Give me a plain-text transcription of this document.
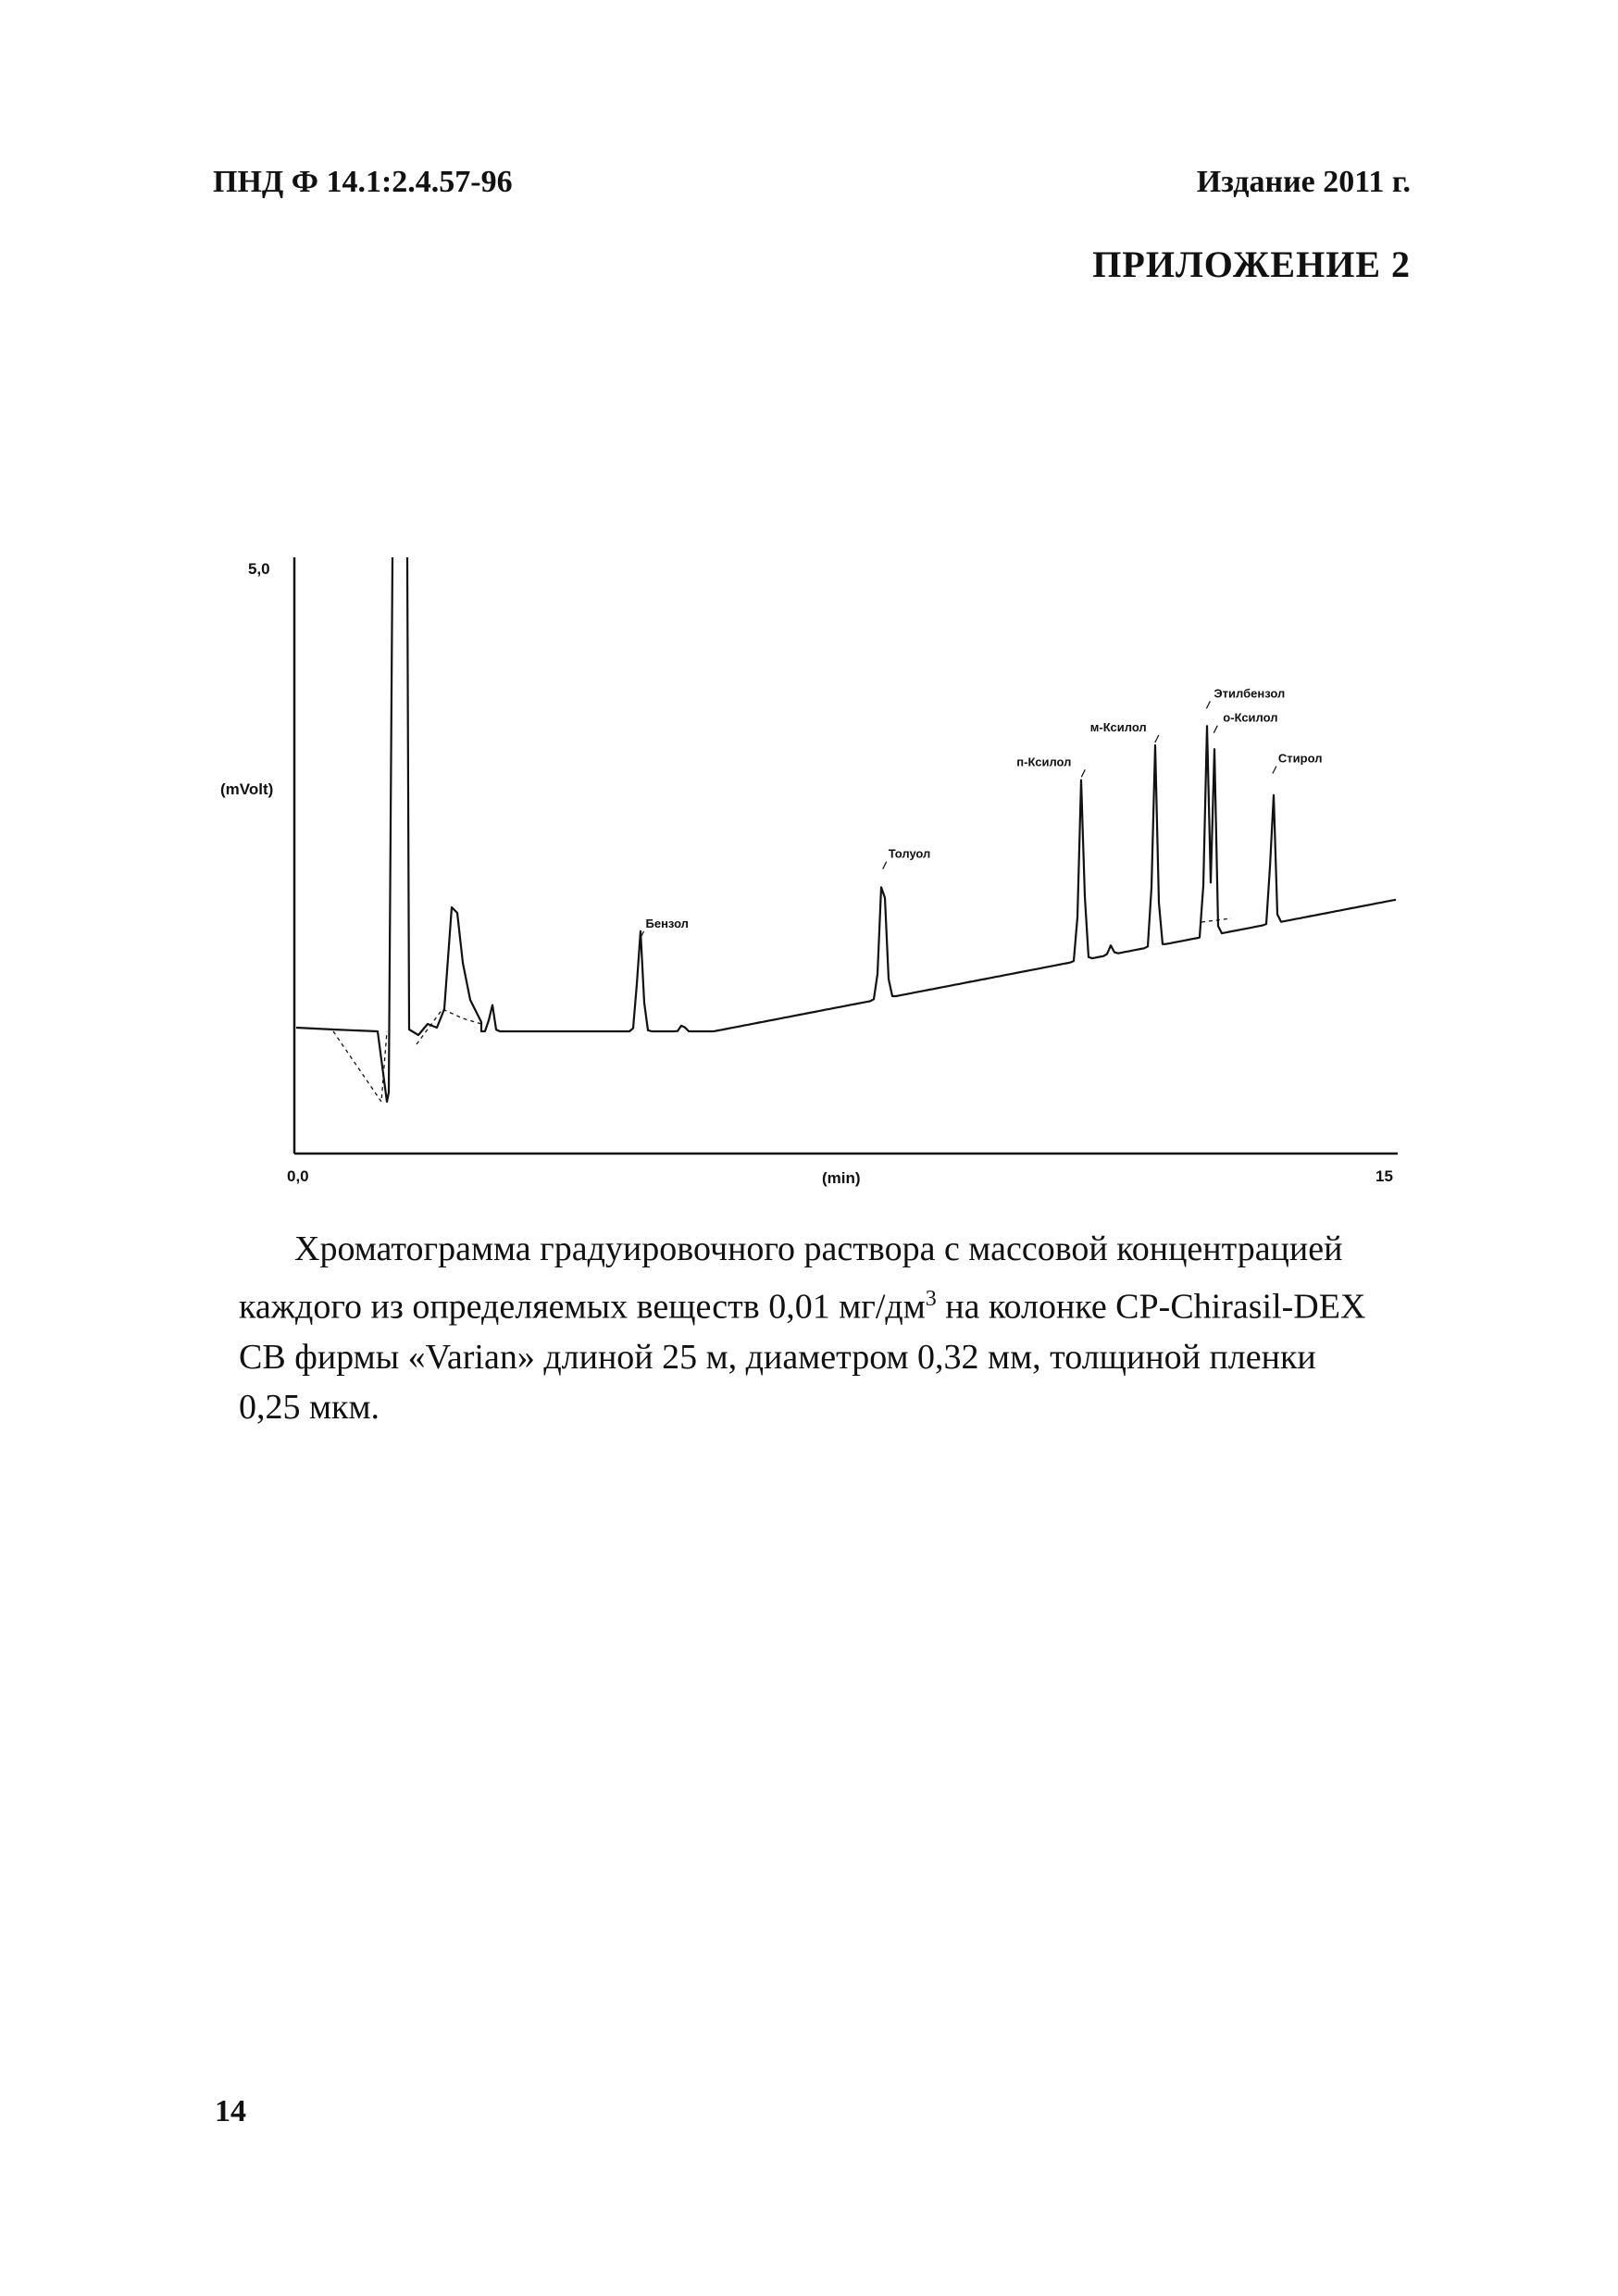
ПНД Ф 14.1:2.4.57-96	Издание 2011 г.
ПРИЛОЖЕНИЕ 2
5,0
(mVolt)
0,0	(min)	15
Бензол
Толуол
п-Ксилол
м-Ксилол
Этилбензол
о-Ксилол
Стирол

Хроматограмма градуировочного раствора с массовой концентрацией

каждого из определяемых веществ 0,01 $мг/дм^3$ на колонке CP-Chirasil-DEX

CB фирмы «Varian» длиной 25 м, диаметром 0,32 мм, толщиной пленки

0,25 мкм.

14
